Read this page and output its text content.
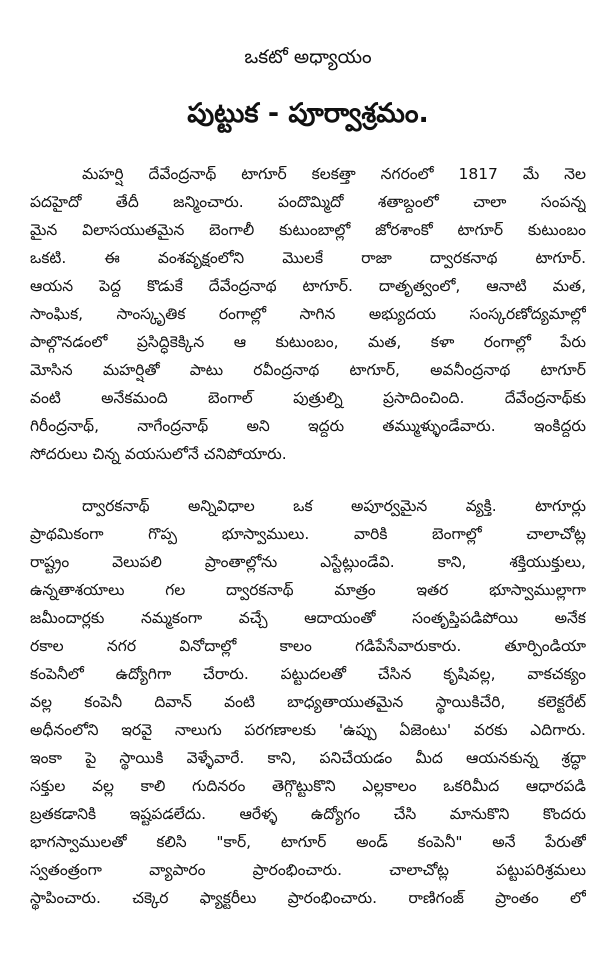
ఒకటో అధ్యాయం
పుట్టుక - పూర్వాశ్రమం.
మహర్షి దేవేంద్రనాథ్ టాగూర్ కలకత్తా నగరంలో 1817 మే నెల
పదహైదో తేదీ జన్మించారు. పందొమ్మిదో శతాబ్దంలో చాలా సంపన్న
మైన విలాసయుతమైన బెంగాలీ కుటుంబాల్లో జోరశాంకో టాగూర్ కుటుంబం
ఒకటి. ఈ వంశవృక్షంలోని మొలకే రాజా ద్వారకనాథ టాగూర్.
ఆయన పెద్ద కొడుకే దేవేంద్రనాథ టాగూర్. దాతృత్వంలో, ఆనాటి మత,
సాంఘిక, సాంస్కృతిక రంగాల్లో సాగిన అభ్యుదయ సంస్కరణోద్యమాల్లో
పాల్గొనడంలో ప్రసిద్ధికెక్కిన ఆ కుటుంబం, మత, కళా రంగాల్లో పేరు
మోసిన మహర్షితో పాటు రవీంద్రనాథ టాగూర్, అవనీంద్రనాథ టాగూర్
వంటి అనేకమంది బెంగాల్ పుత్రుల్ని ప్రసాదించింది. దేవేంద్రనాథ్‌కు
గిరీంద్రనాథ్, నాగేంద్రనాథ్ అని ఇద్దరు తమ్ముళ్ళుండేవారు. ఇంకిద్దరు
సోదరులు చిన్న వయసులోనే చనిపోయారు.
ద్వారకనాథ్ అన్నివిధాల ఒక అపూర్వమైన వ్యక్తి. టాగూర్లు
ప్రాథమికంగా గొప్ప భూస్వాములు. వారికి బెంగాల్లో చాలాచోట్ల
రాష్ట్రం వెలుపలి ప్రాంతాల్లోను ఎస్టేట్లుండేవి. కాని, శక్తియుక్తులు,
ఉన్నతాశయాలు గల ద్వారకనాథ్ మాత్రం ఇతర భూస్వాముల్లాగా
జమీందార్లకు నమ్మకంగా వచ్చే ఆదాయంతో సంతృప్తిపడిపోయి అనేక
రకాల నగర వినోదాల్లో కాలం గడిపేసేవారుకారు. తూర్పిండియా
కంపెనీలో ఉద్యోగిగా చేరారు. పట్టుదలతో చేసిన కృషివల్ల, వాకచక్యం
వల్ల కంపెనీ దివాన్ వంటి బాధ్యతాయుతమైన స్థాయికిచేరి, కలెక్టరేట్
అధీనంలోని ఇరవై నాలుగు పరగణాలకు 'ఉప్పు ఏజెంటు' వరకు ఎదిగారు.
ఇంకా పై స్థాయికి వెళ్ళేవారే. కాని, పనిచేయడం మీద ఆయనకున్న శ్రద్ధా
సక్తుల వల్ల కాలి గుదినరం తెగ్గొట్టుకొని ఎల్లకాలం ఒకరిమీద ఆధారపడి
బ్రతకడానికి ఇష్టపడలేదు. ఆరేళ్ళ ఉద్యోగం చేసి మానుకొని కొందరు
భాగస్వాములతో కలిసి "కార్, టాగూర్ అండ్ కంపెనీ" అనే పేరుతో
స్వతంత్రంగా వ్యాపారం ప్రారంభించారు. చాలాచోట్ల పట్టుపరిశ్రమలు
స్థాపించారు. చక్కెర ఫ్యాక్టరీలు ప్రారంభించారు. రాణిగంజ్ ప్రాంతం లో
